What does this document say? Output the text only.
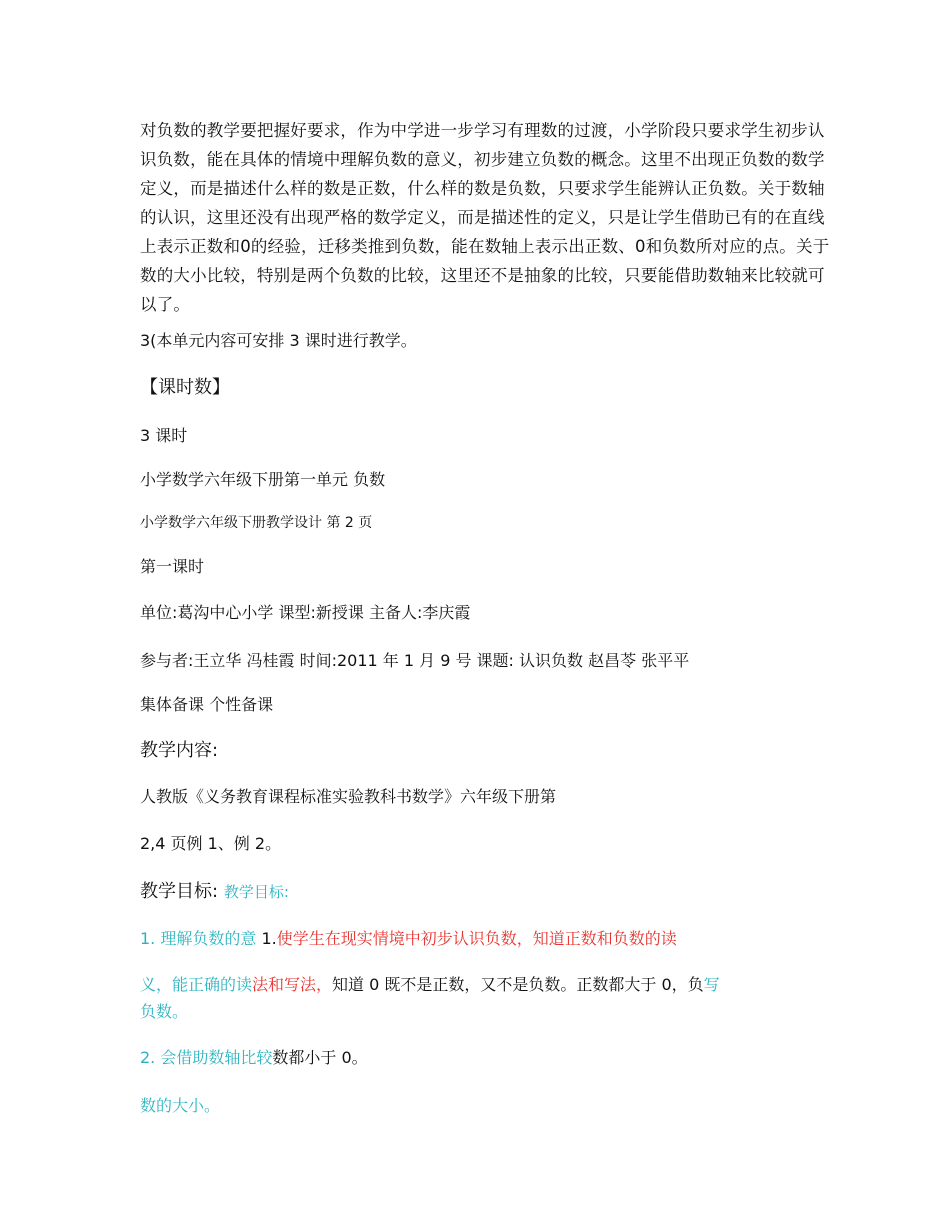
对负数的教学要把握好要求，作为中学进一步学习有理数的过渡，小学阶段只要求学生初步认识负数，能在具体的情境中理解负数的意义，初步建立负数的概念。这里不出现正负数的数学定义，而是描述什么样的数是正数，什么样的数是负数，只要求学生能辨认正负数。关于数轴的认识，这里还没有出现严格的数学定义，而是描述性的定义，只是让学生借助已有的在直线上表示正数和0的经验，迁移类推到负数，能在数轴上表示出正数、0和负数所对应的点。关于数的大小比较，特别是两个负数的比较，这里还不是抽象的比较，只要能借助数轴来比较就可以了。

3(本单元内容可安排 3 课时进行教学。

【课时数】

3 课时

小学数学六年级下册第一单元 负数

小学数学六年级下册教学设计 第 2 页

第一课时

单位:葛沟中心小学 课型:新授课 主备人:李庆霞

参与者:王立华 冯桂霞 时间:2011 年 1 月 9 号 课题: 认识负数 赵昌苓 张平平

集体备课 个性备课

教学内容:

人教版《义务教育课程标准实验教科书数学》六年级下册第

2,4 页例 1、例 2。

教学目标: 教学目标:

1. 理解负数的意 1.使学生在现实情境中初步认识负数，知道正数和负数的读

义，能正确的读法和写法，知道 0 既不是正数，又不是负数。正数都大于 0，负写

负数。

2. 会借助数轴比较数都小于 0。

数的大小。
